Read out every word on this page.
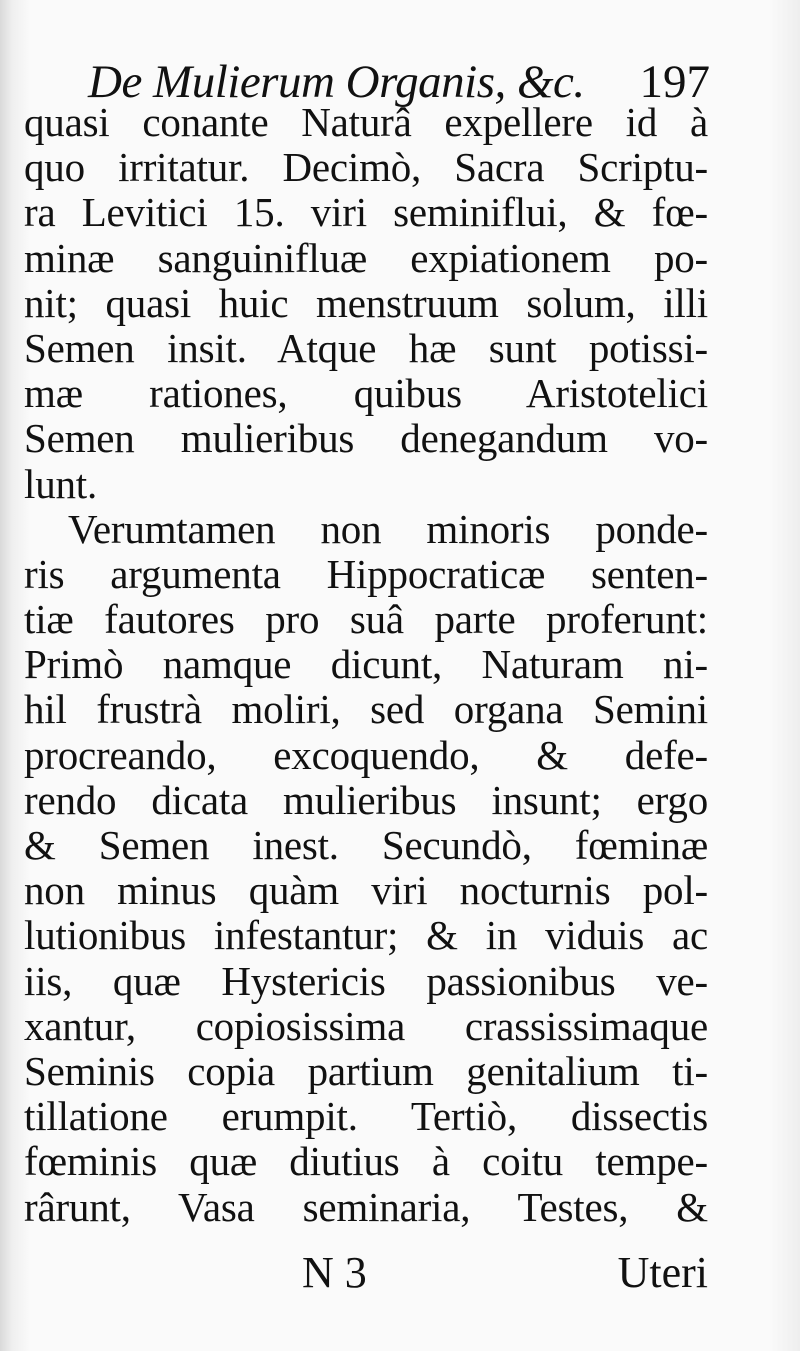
De Mulierum Organis, &c. 197
quasi conante Naturâ expellere id à
quo irritatur. Decimò, Sacra Scriptu-
ra Levitici 15. viri seminiflui, & fœ-
minæ sanguinifluæ expiationem po-
nit; quasi huic menstruum solum, illi
Semen insit. Atque hæ sunt potissi-
mæ rationes, quibus Aristotelici
Semen mulieribus denegandum vo-
lunt.
Verumtamen non minoris ponde-
ris argumenta Hippocraticæ senten-
tiæ fautores pro suâ parte proferunt:
Primò namque dicunt, Naturam ni-
hil frustrà moliri, sed organa Semini
procreando, excoquendo, & defe-
rendo dicata mulieribus insunt; ergo
& Semen inest. Secundò, fœminæ
non minus quàm viri nocturnis pol-
lutionibus infestantur; & in viduis ac
iis, quæ Hystericis passionibus ve-
xantur, copiosissima crassissimaque
Seminis copia partium genitalium ti-
tillatione erumpit. Tertiò, dissectis
fœminis quæ diutius à coitu tempe-
rârunt, Vasa seminaria, Testes, &
N 3	Uteri
